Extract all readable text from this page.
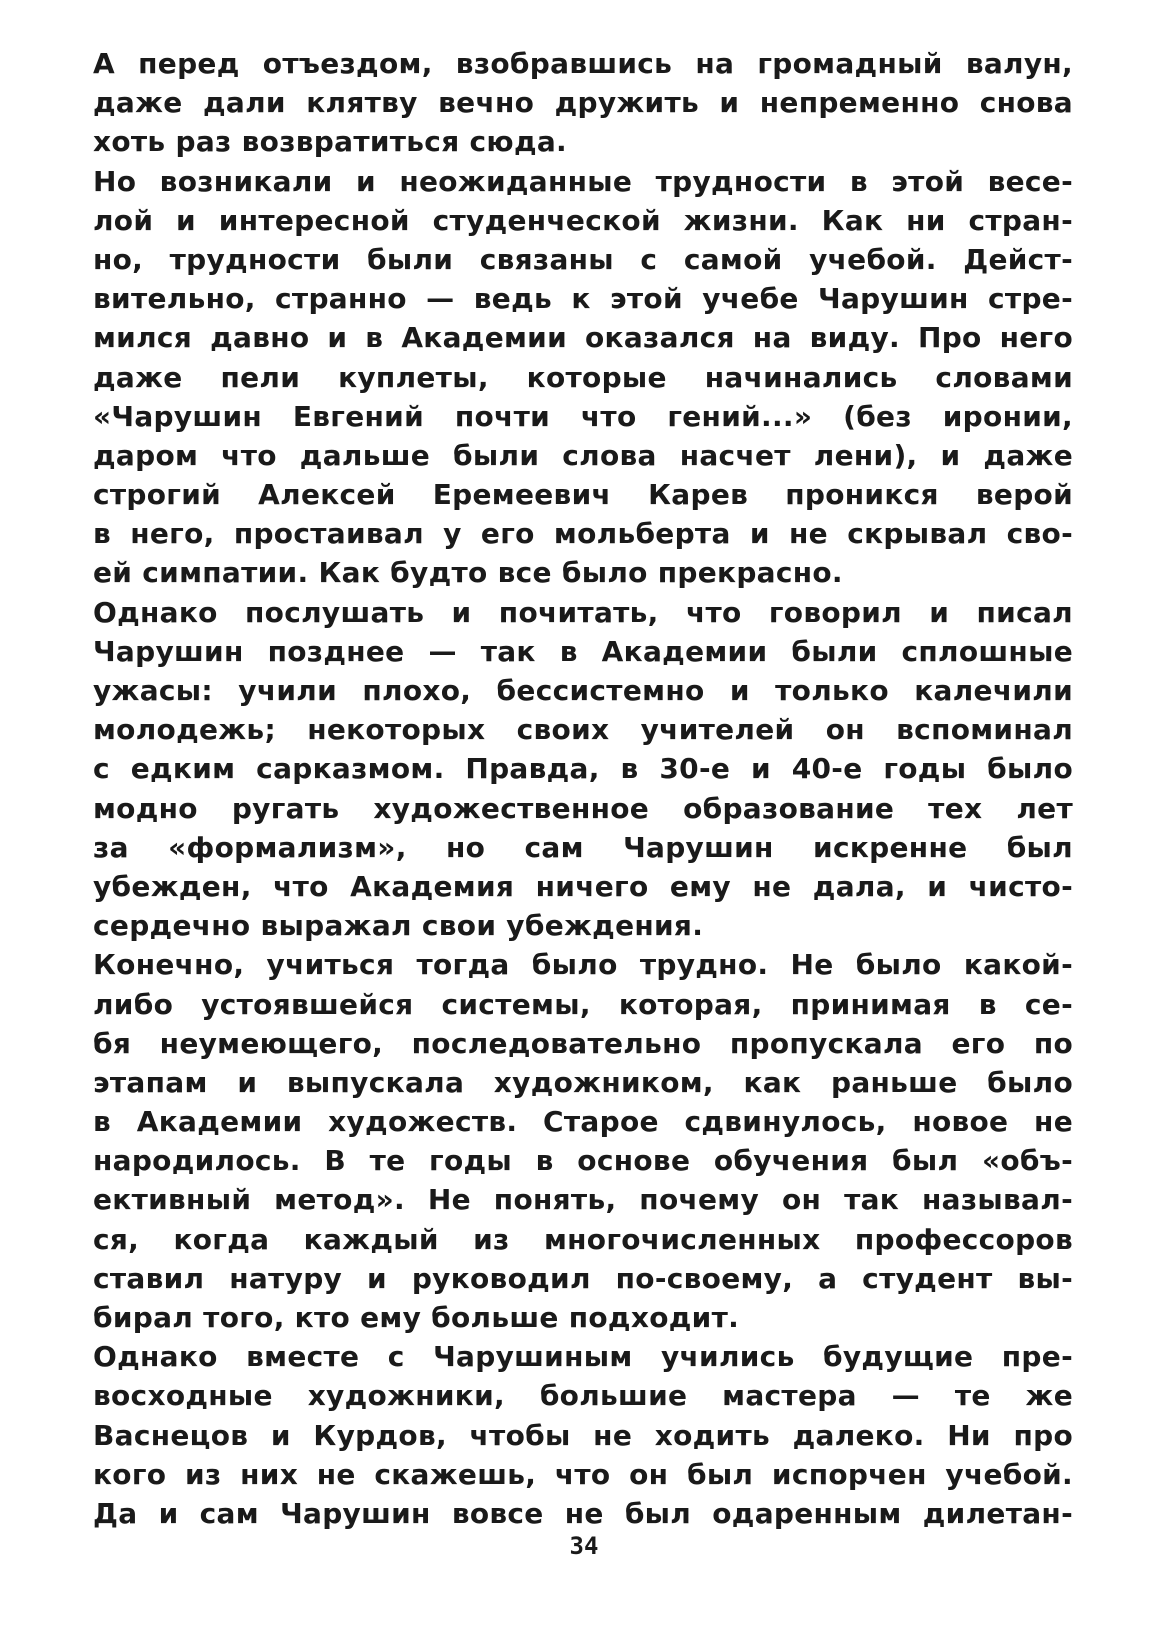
А перед отъездом, взобравшись на громадный валун,
даже дали клятву вечно дружить и непременно снова
хоть раз возвратиться сюда.
Но возникали и неожиданные трудности в этой весе-
лой и интересной студенческой жизни. Как ни стран-
но, трудности были связаны с самой учебой. Дейст-
вительно, странно — ведь к этой учебе Чарушин стре-
мился давно и в Академии оказался на виду. Про него
даже пели куплеты, которые начинались словами
«Чарушин Евгений почти что гений...» (без иронии,
даром что дальше были слова насчет лени), и даже
строгий Алексей Еремеевич Карев проникся верой
в него, простаивал у его мольберта и не скрывал сво-
ей симпатии. Как будто все было прекрасно.
Однако послушать и почитать, что говорил и писал
Чарушин позднее — так в Академии были сплошные
ужасы: учили плохо, бессистемно и только калечили
молодежь; некоторых своих учителей он вспоминал
с едким сарказмом. Правда, в 30-е и 40-е годы было
модно ругать художественное образование тех лет
за «формализм», но сам Чарушин искренне был
убежден, что Академия ничего ему не дала, и чисто-
сердечно выражал свои убеждения.
Конечно, учиться тогда было трудно. Не было какой-
либо устоявшейся системы, которая, принимая в се-
бя неумеющего, последовательно пропускала его по
этапам и выпускала художником, как раньше было
в Академии художеств. Старое сдвинулось, новое не
народилось. В те годы в основе обучения был «объ-
ективный метод». Не понять, почему он так называл-
ся, когда каждый из многочисленных профессоров
ставил натуру и руководил по-своему, а студент вы-
бирал того, кто ему больше подходит.
Однако вместе с Чарушиным учились будущие пре-
восходные художники, большие мастера — те же
Васнецов и Курдов, чтобы не ходить далеко. Ни про
кого из них не скажешь, что он был испорчен учебой.
Да и сам Чарушин вовсе не был одаренным дилетан-
34
